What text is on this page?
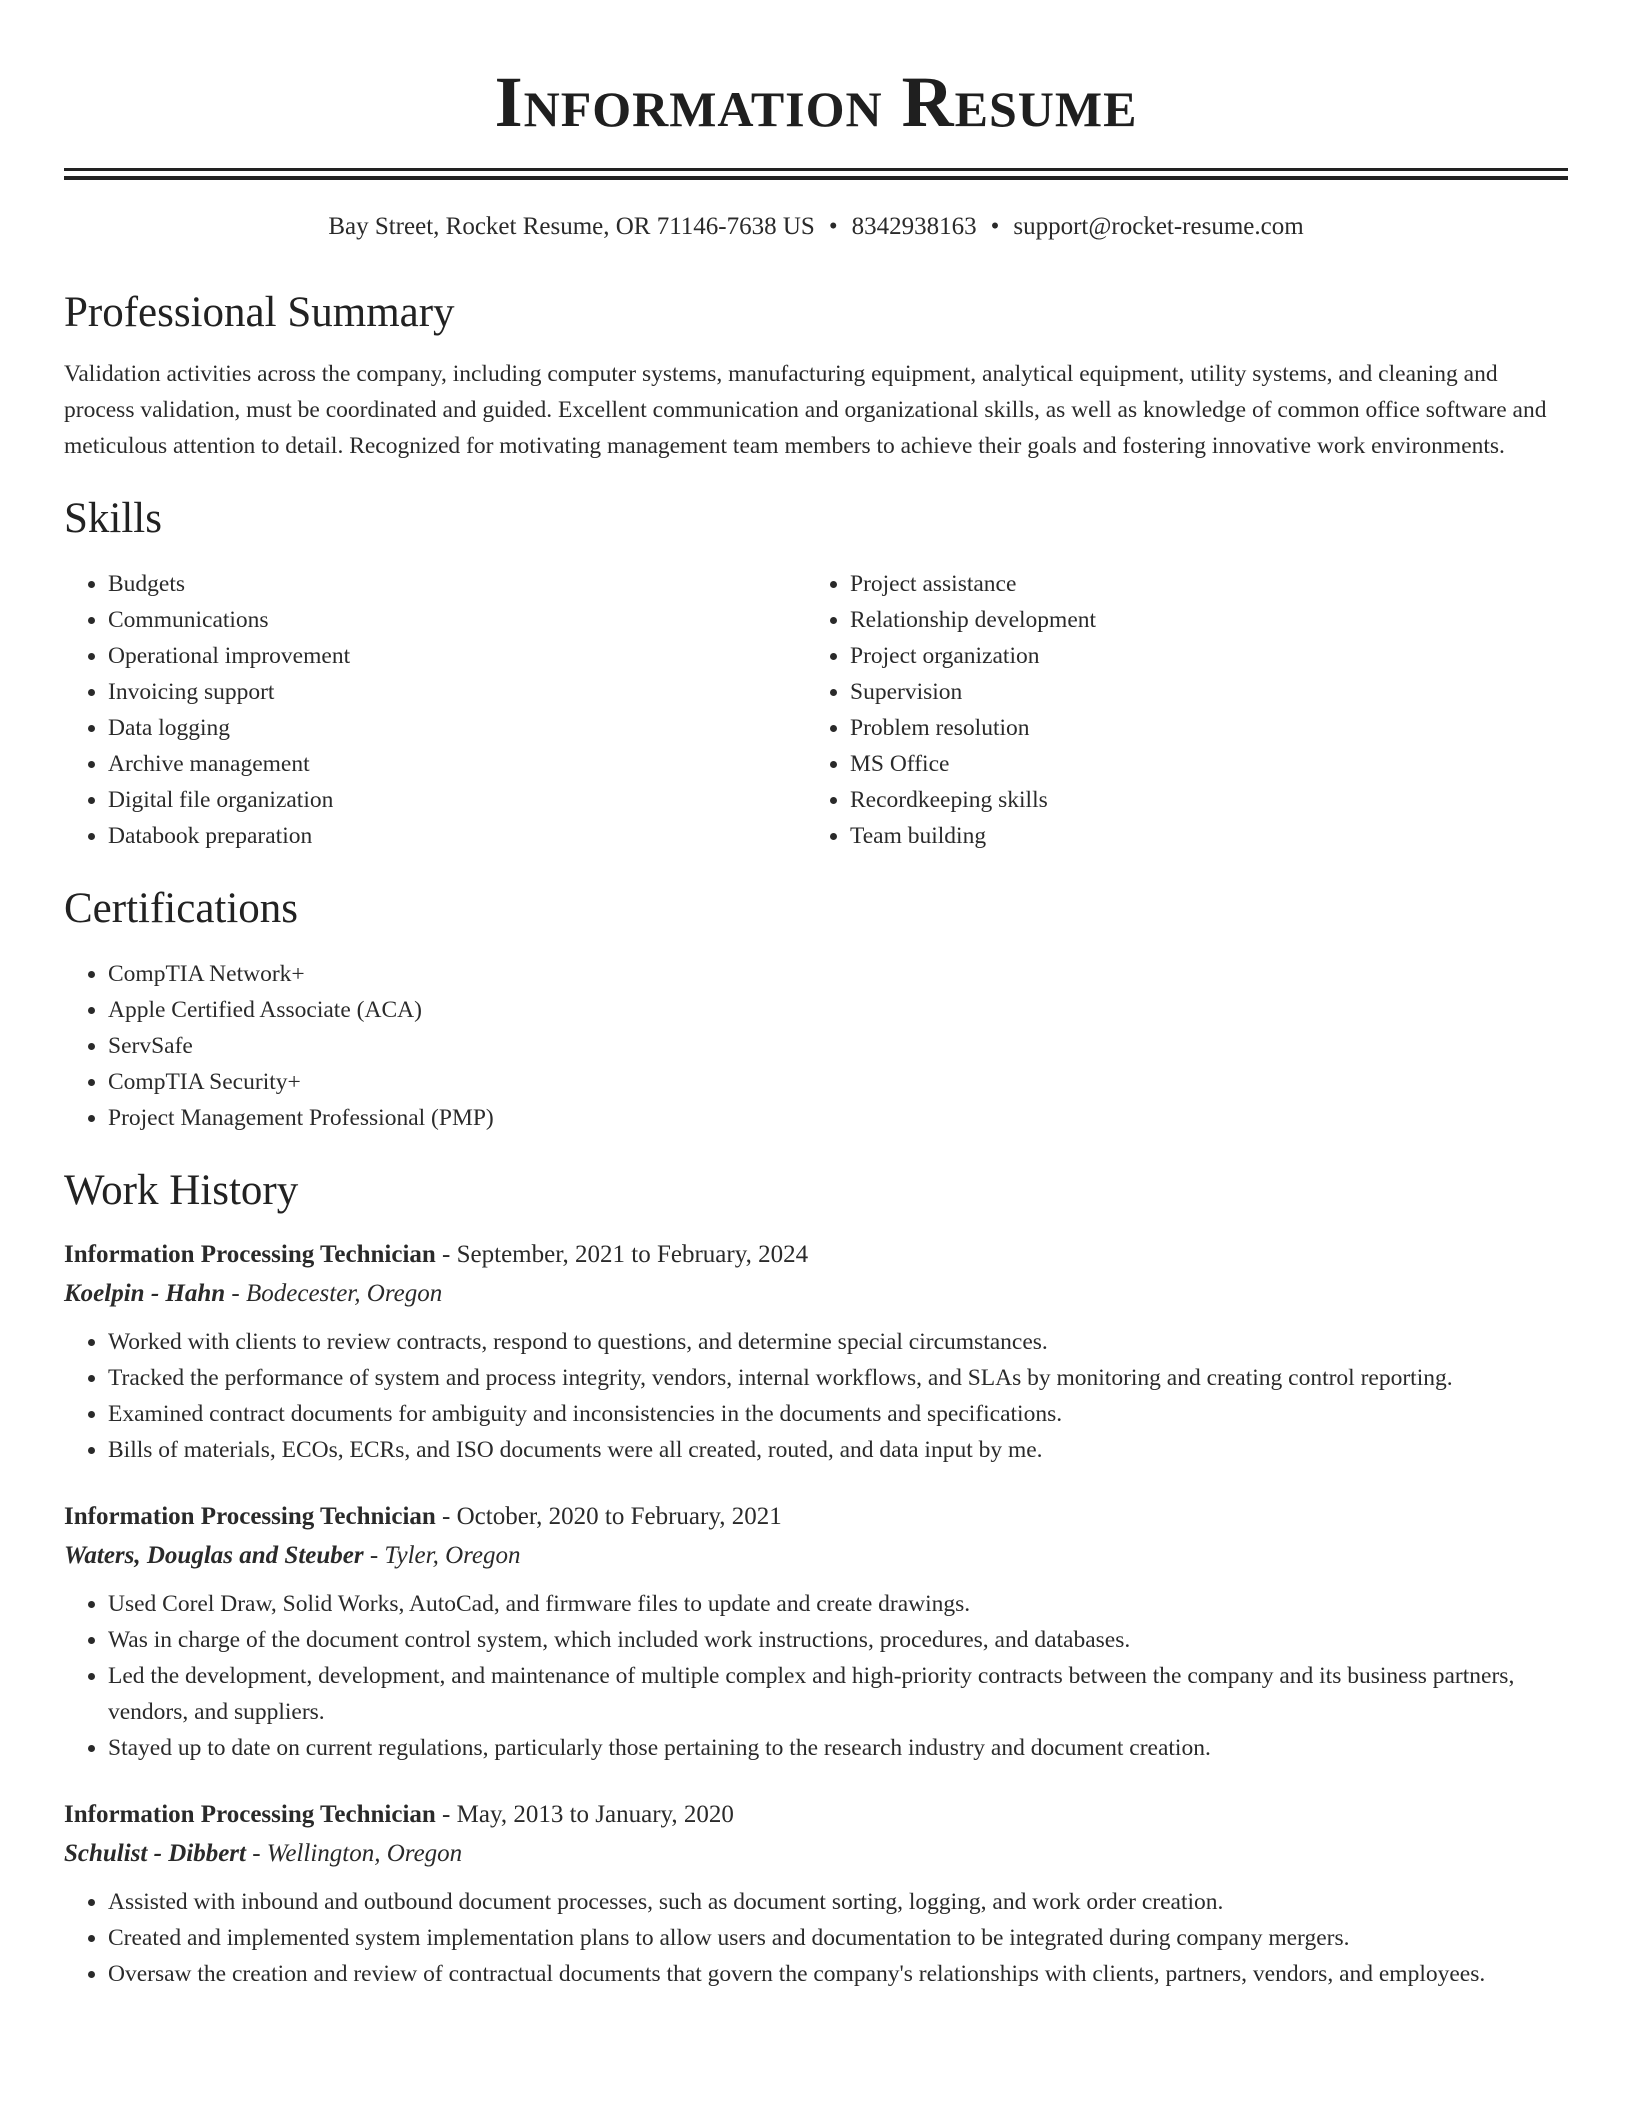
Information Resume
Bay Street, Rocket Resume, OR 71146-7638 US • 8342938163 • support@rocket-resume.com
Professional Summary

Validation activities across the company, including computer systems, manufacturing equipment, analytical equipment, utility systems, and cleaning and process validation, must be coordinated and guided. Excellent communication and organizational skills, as well as knowledge of common office software and meticulous attention to detail. Recognized for motivating management team members to achieve their goals and fostering innovative work environments.

Skills
• Budgets
• Communications
• Operational improvement
• Invoicing support
• Data logging
• Archive management
• Digital file organization
• Databook preparation
• Project assistance
• Relationship development
• Project organization
• Supervision
• Problem resolution
• MS Office
• Recordkeeping skills
• Team building
Certifications
• CompTIA Network+
• Apple Certified Associate (ACA)
• ServSafe
• CompTIA Security+
• Project Management Professional (PMP)
Work History
Information Processing Technician - September, 2021 to February, 2024
Koelpin - Hahn - Bodecester, Oregon
• Worked with clients to review contracts, respond to questions, and determine special circumstances.
• Tracked the performance of system and process integrity, vendors, internal workflows, and SLAs by monitoring and creating control reporting.
• Examined contract documents for ambiguity and inconsistencies in the documents and specifications.
• Bills of materials, ECOs, ECRs, and ISO documents were all created, routed, and data input by me.
Information Processing Technician - October, 2020 to February, 2021
Waters, Douglas and Steuber - Tyler, Oregon
• Used Corel Draw, Solid Works, AutoCad, and firmware files to update and create drawings.
• Was in charge of the document control system, which included work instructions, procedures, and databases.
• Led the development, development, and maintenance of multiple complex and high-priority contracts between the company and its business partners, vendors, and suppliers.
• Stayed up to date on current regulations, particularly those pertaining to the research industry and document creation.
Information Processing Technician - May, 2013 to January, 2020
Schulist - Dibbert - Wellington, Oregon
• Assisted with inbound and outbound document processes, such as document sorting, logging, and work order creation.
• Created and implemented system implementation plans to allow users and documentation to be integrated during company mergers.
• Oversaw the creation and review of contractual documents that govern the company's relationships with clients, partners, vendors, and employees.
